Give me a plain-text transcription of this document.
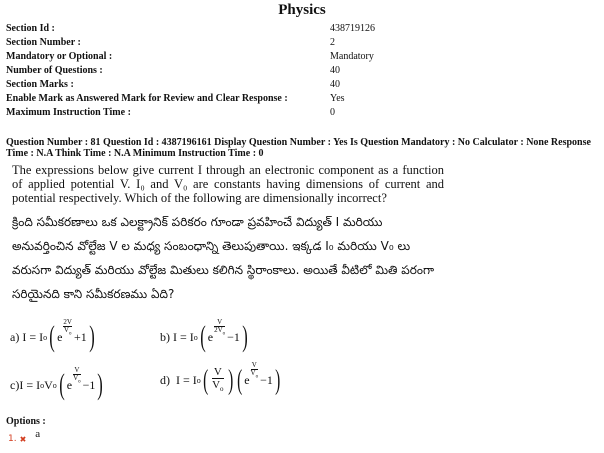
Physics
Section Id :	438719126
Section Number :	2
Mandatory or Optional :	Mandatory
Number of Questions :	40
Section Marks :	40
Enable Mark as Answered Mark for Review and Clear Response :	Yes
Maximum Instruction Time :	0
Question Number : 81 Question Id : 4387196161 Display Question Number : Yes Is Question Mandatory : No Calculator : None Response Time : N.A Think Time : N.A Minimum Instruction Time : 0
The expressions below give current I through an electronic component as a function of applied potential V. I₀ and V₀ are constants having dimensions of current and potential respectively. Which of the following are dimensionally incorrect?
క్రింది సమీకరణాలు ఒక ఎలక్ట్రానిక్ పరికరం గూండా ప్రవహించే విద్యుత్ I మరియు అనువర్తించిన వోల్టేజ V ల మధ్య సంబంధాన్ని తెలుపుతాయి. ఇక్కడ I₀ మరియు V₀ లు వరుసగా విద్యుత్ మరియు వోల్టేజ మితులు కలిగిన స్థిరాంకాలు. అయితే వీటిలో మితి పరంగా సరియైనది కాని సమీకరణము ఏది?
a)
I = I o ( e $\frac{2V}{V_o} +1$ )	b)
I = I o ( e $\frac{V}{2V_o} -1$ )
c) I = I o V o ( e $\frac{V}{V_o} -1$ )	d)
I = I o ( $\frac{V}{V_o}$ ) ( e $\frac{V}{V_o} -1$ )
Options :
1. ✖ a
